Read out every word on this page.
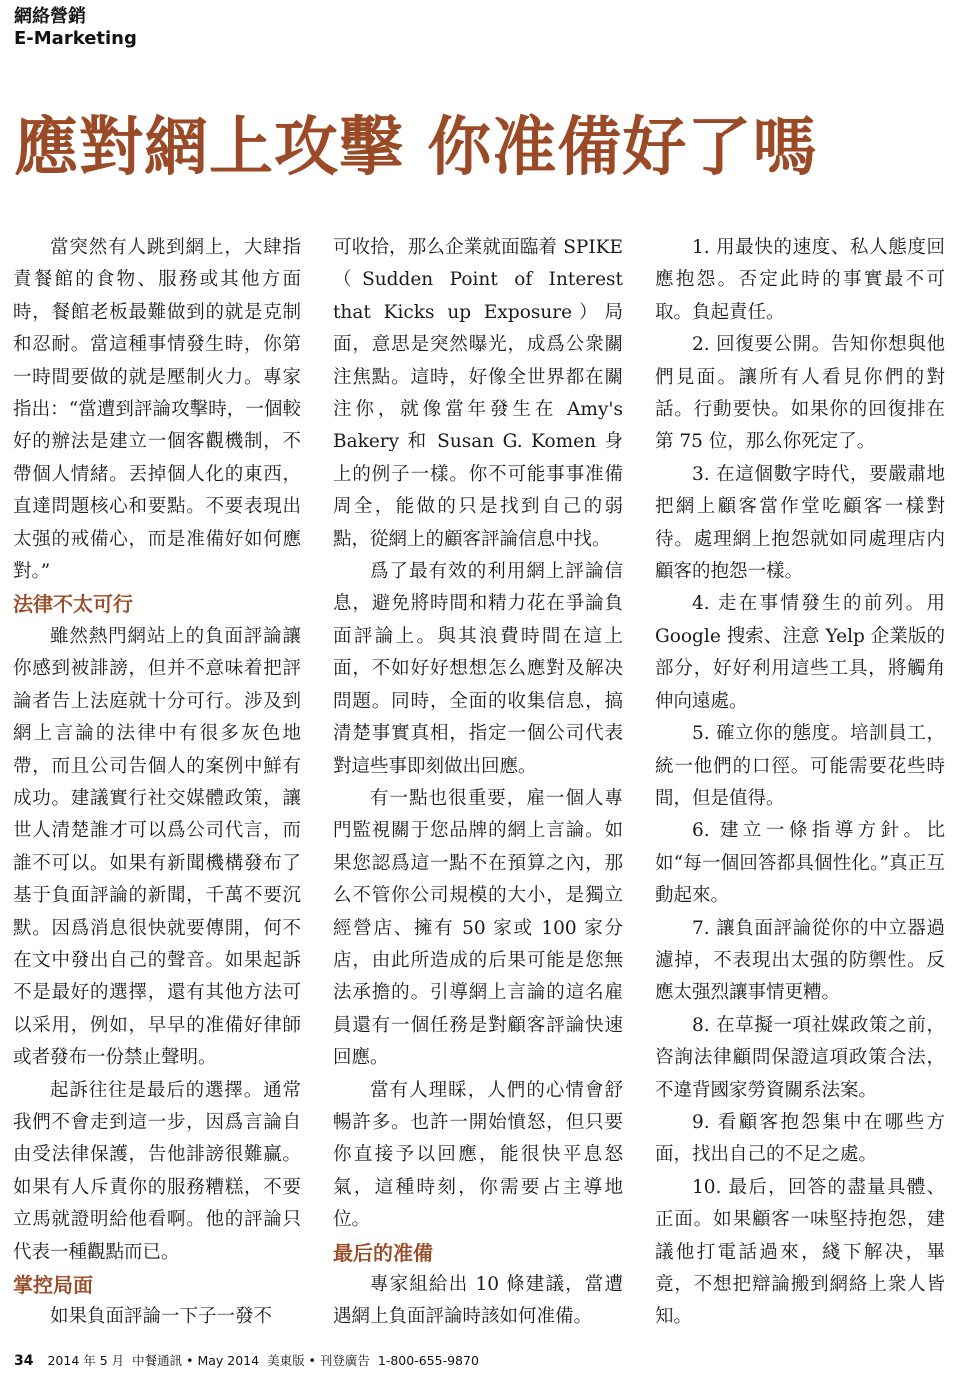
網絡營銷
E-Marketing
應對網上攻擊 你准備好了嗎

當突然有人跳到網上，大肆指責餐館的食物、服務或其他方面時，餐館老板最難做到的就是克制和忍耐。當這種事情發生時，你第一時間要做的就是壓制火力。專家指出：“當遭到評論攻擊時，一個較好的辦法是建立一個客觀機制，不帶個人情緒。丟掉個人化的東西，直達問題核心和要點。不要表現出太强的戒備心，而是准備好如何應對。”

法律不太可行

雖然熱門網站上的負面評論讓你感到被誹謗，但并不意味着把評論者告上法庭就十分可行。涉及到網上言論的法律中有很多灰色地帶，而且公司告個人的案例中鮮有成功。建議實行社交媒體政策，讓世人清楚誰才可以爲公司代言，而誰不可以。如果有新聞機構發布了基于負面評論的新聞，千萬不要沉默。因爲消息很快就要傳開，何不在文中發出自己的聲音。如果起訴不是最好的選擇，還有其他方法可以采用，例如，早早的准備好律師或者發布一份禁止聲明。

起訴往往是最后的選擇。通常我們不會走到這一步，因爲言論自由受法律保護，告他誹謗很難赢。如果有人斥責你的服務糟糕，不要立馬就證明給他看啊。他的評論只代表一種觀點而已。

掌控局面

如果負面評論一下子一發不

可收拾，那么企業就面臨着 SPIKE（Sudden Point of Interest that Kicks up Exposure）局面，意思是突然曝光，成爲公衆關注焦點。這時，好像全世界都在關注你，就像當年發生在 Amy's Bakery 和 Susan G. Komen 身上的例子一樣。你不可能事事准備周全，能做的只是找到自己的弱點，從網上的顧客評論信息中找。

爲了最有效的利用網上評論信息，避免將時間和精力花在爭論負面評論上。與其浪費時間在這上面，不如好好想想怎么應對及解决問題。同時，全面的收集信息，搞清楚事實真相，指定一個公司代表對這些事即刻做出回應。

有一點也很重要，雇一個人專門監視關于您品牌的網上言論。如果您認爲這一點不在預算之內，那么不管你公司規模的大小，是獨立經營店、擁有 50 家或 100 家分店，由此所造成的后果可能是您無法承擔的。引導網上言論的這名雇員還有一個任務是對顧客評論快速回應。

當有人理睬，人們的心情會舒暢許多。也許一開始憤怒，但只要你直接予以回應，能很快平息怒氣，這種時刻，你需要占主導地位。

最后的准備

專家組給出 10 條建議，當遭遇網上負面評論時該如何准備。

1. 用最快的速度、私人態度回應抱怨。否定此時的事實最不可取。負起責任。

2. 回復要公開。告知你想與他們見面。讓所有人看見你們的對話。行動要快。如果你的回復排在第 75 位，那么你死定了。

3. 在這個數字時代，要嚴肅地把網上顧客當作堂吃顧客一樣對待。處理網上抱怨就如同處理店内顧客的抱怨一樣。

4. 走在事情發生的前列。用 Google 搜索、注意 Yelp 企業版的部分，好好利用這些工具，將觸角伸向遠處。

5. 確立你的態度。培訓員工，統一他們的口徑。可能需要花些時間，但是值得。

6. 建立一條指導方針。比如“每一個回答都具個性化。”真正互動起來。

7. 讓負面評論從你的中立器過濾掉，不表現出太强的防禦性。反應太强烈讓事情更糟。

8. 在草擬一項社媒政策之前，咨詢法律顧問保證這項政策合法，不違背國家勞資關系法案。

9. 看顧客抱怨集中在哪些方面，找出自己的不足之處。

10. 最后，回答的盡量具體、正面。如果顧客一味堅持抱怨，建議他打電話過來，綫下解决，畢竟，不想把辯論搬到網絡上衆人皆知。

34 2014 年 5 月 中餐通訊 • May 2014 美東版 • 刊登廣告 1-800-655-9870
